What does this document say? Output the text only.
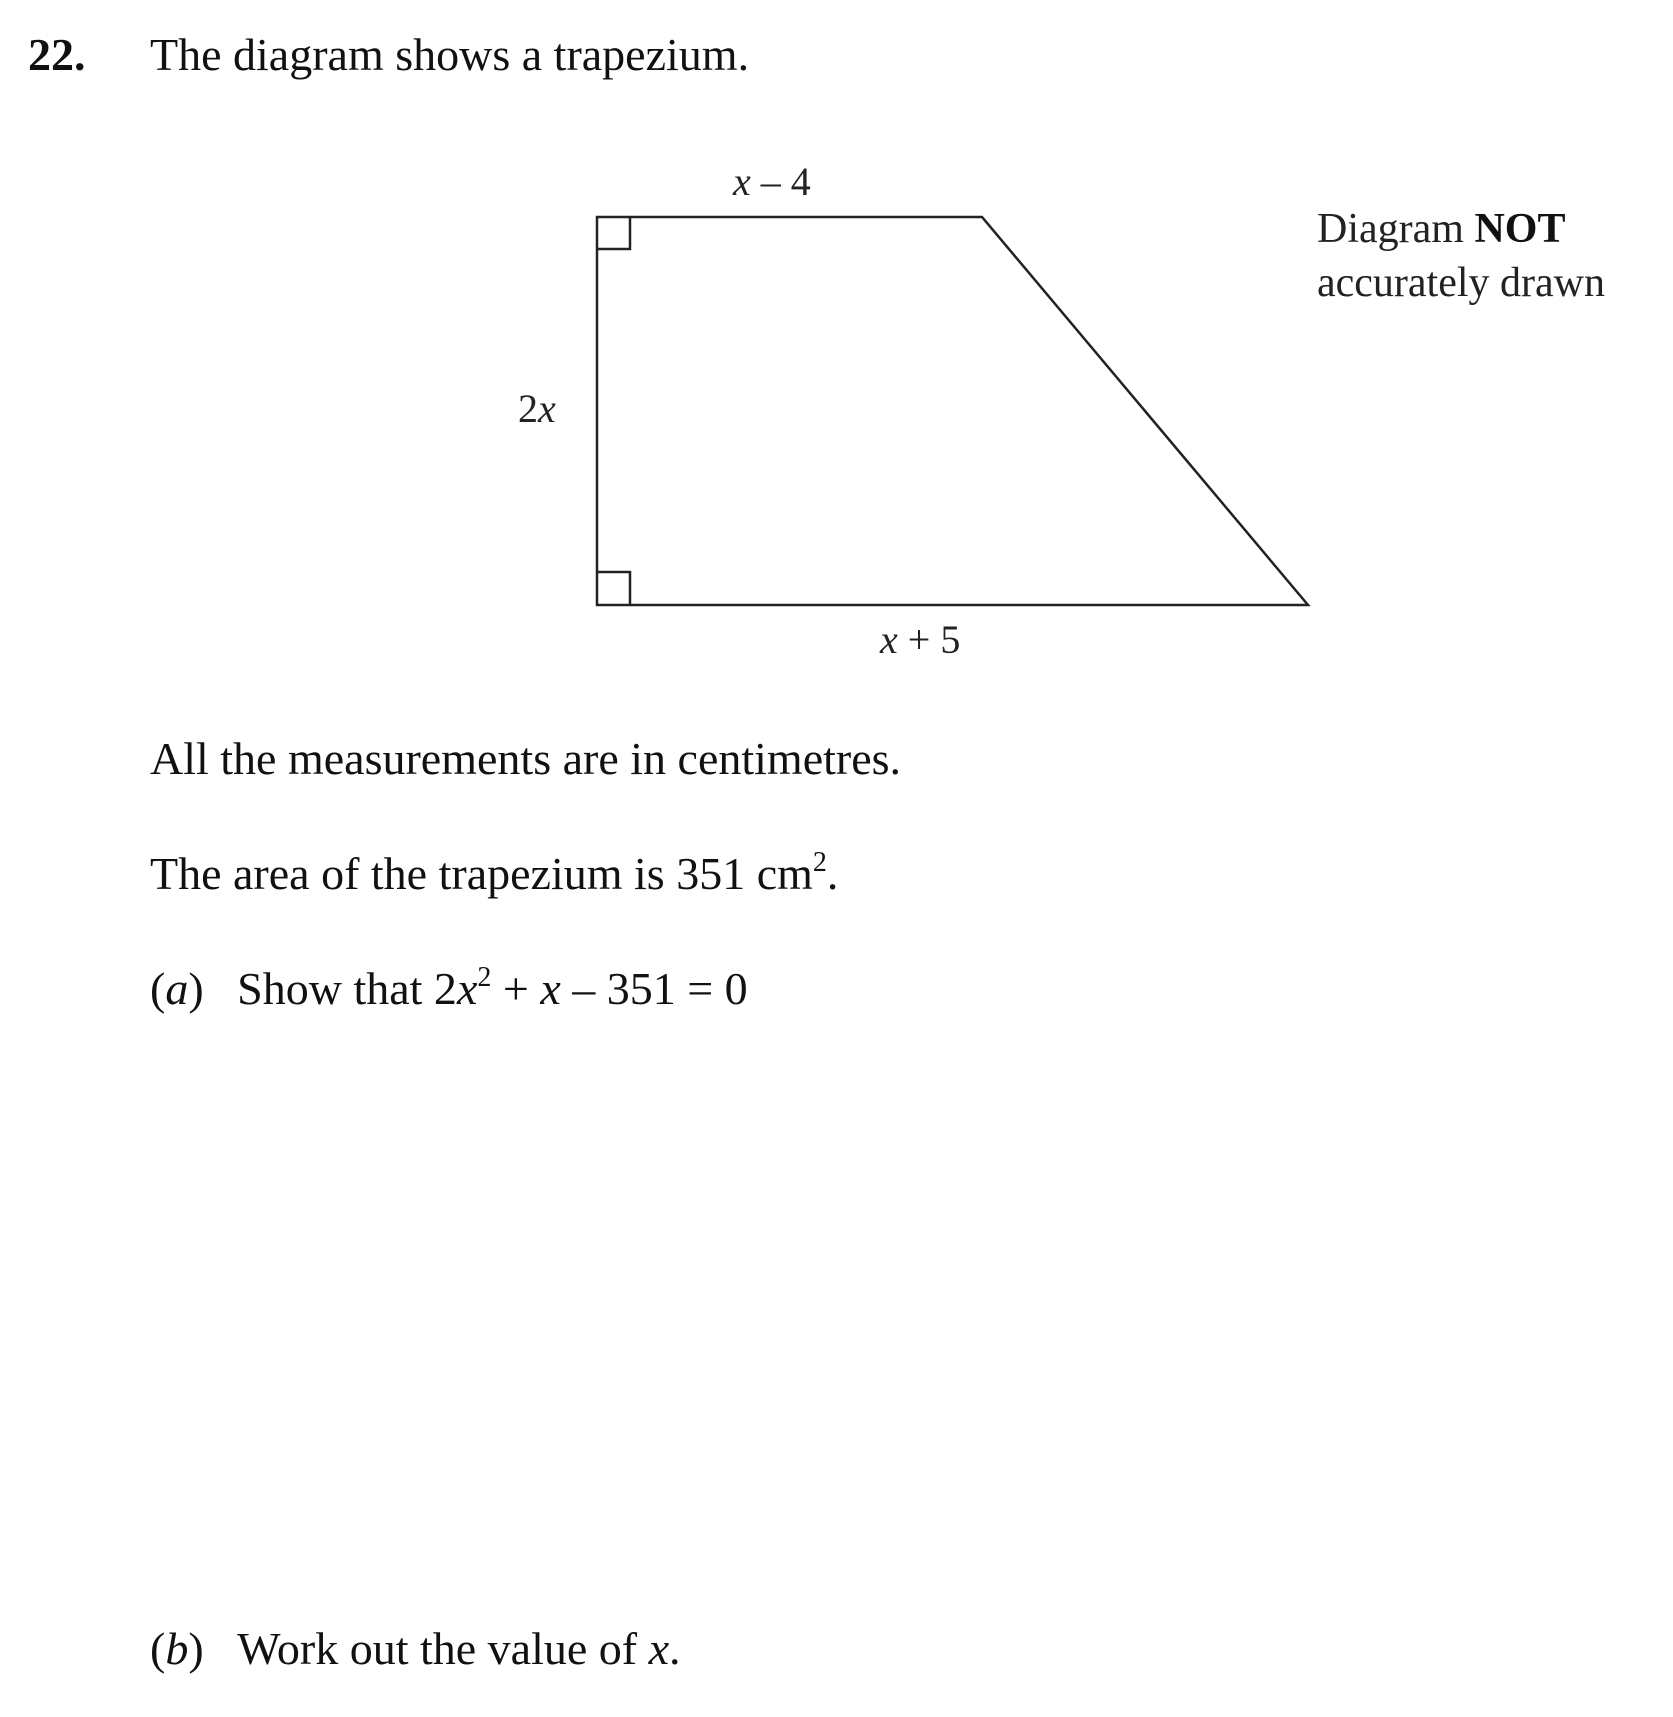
22. The diagram shows a trapezium.
x – 4
2x
x + 5
Diagram NOT
accurately drawn
All the measurements are in centimetres.
The area of the trapezium is 351 $cm^2$.
(a) Show that $2x^2 + x - 351 = 0$
(b) Work out the value of x.
